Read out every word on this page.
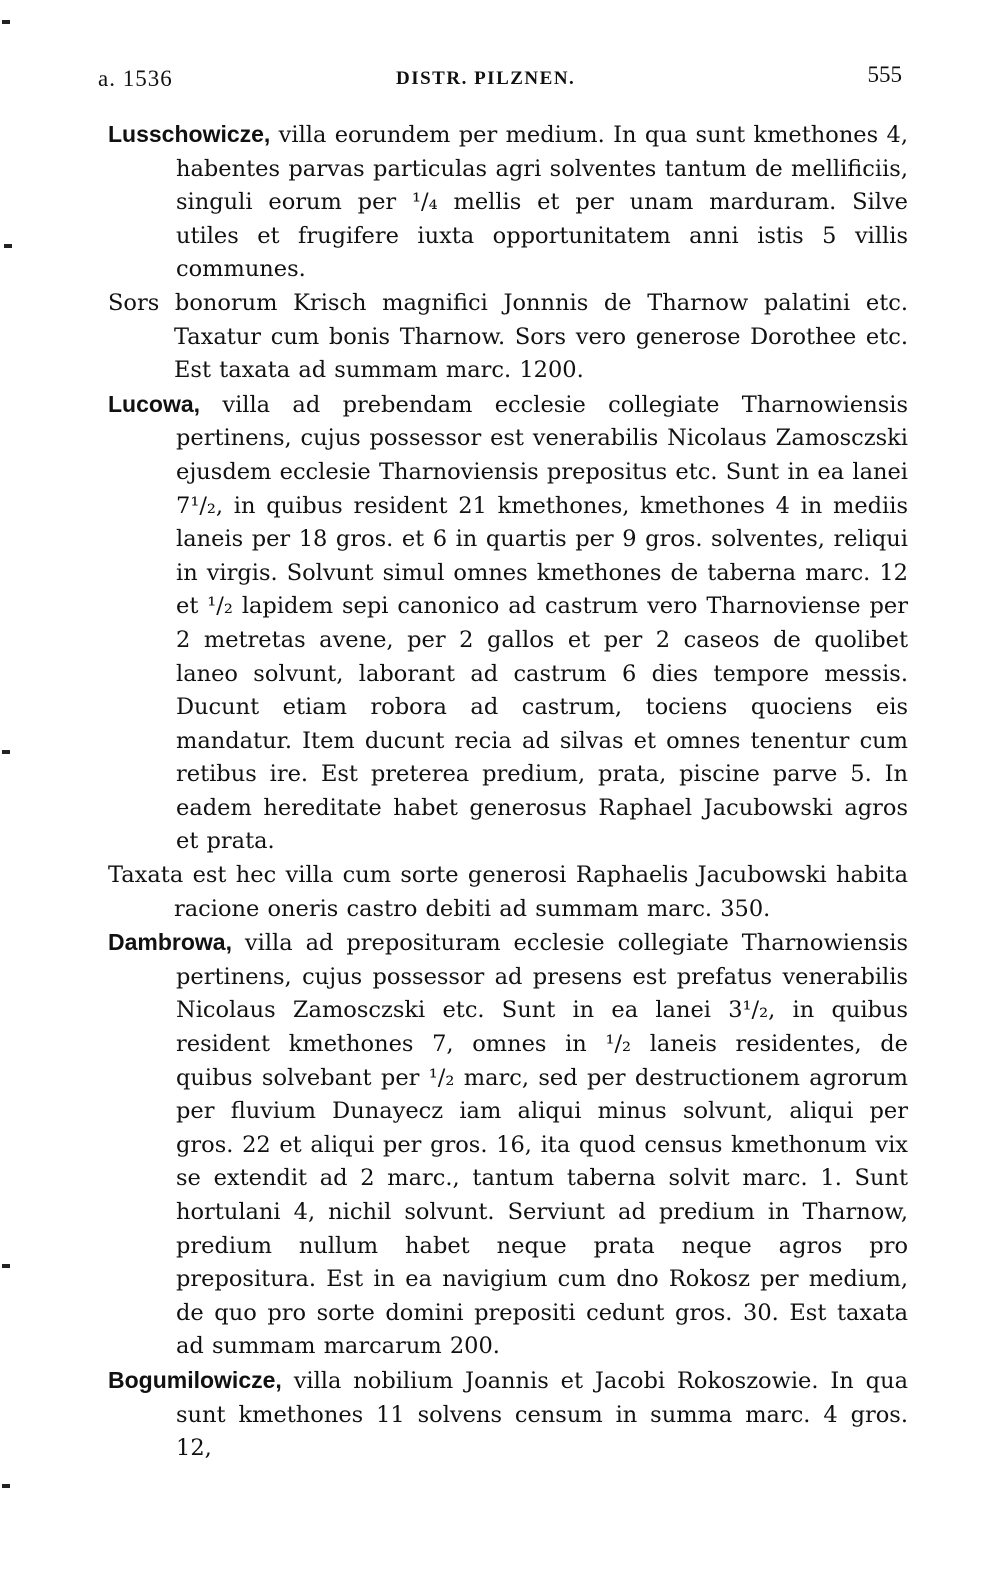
a. 1536	DISTR. PILZNEN.	555

Lusschowicze, villa eorundem per medium. In qua sunt kmethones 4, habentes parvas particulas agri solventes tantum de mellificiis, singuli eorum per ¹/₄ mellis et per unam marduram. Silve utiles et frugifere iuxta opportunitatem anni istis 5 villis communes.

Sors bonorum Krisch magnifici Jonnnis de Tharnow palatini etc. Taxatur cum bonis Tharnow. Sors vero generose Dorothee etc. Est taxata ad summam marc. 1200.

Lucowa, villa ad prebendam ecclesie collegiate Tharnowiensis pertinens, cujus possessor est venerabilis Nicolaus Zamosczski ejusdem ecclesie Tharnoviensis prepositus etc. Sunt in ea lanei 7¹/₂, in quibus resident 21 kmethones, kmethones 4 in mediis laneis per 18 gros. et 6 in quartis per 9 gros. solventes, reliqui in virgis. Solvunt simul omnes kmethones de taberna marc. 12 et ¹/₂ lapidem sepi canonico ad castrum vero Tharnoviense per 2 metretas avene, per 2 gallos et per 2 caseos de quolibet laneo solvunt, laborant ad castrum 6 dies tempore messis. Ducunt etiam robora ad castrum, tociens quociens eis mandatur. Item ducunt recia ad silvas et omnes tenentur cum retibus ire. Est preterea predium, prata, piscine parve 5. In eadem hereditate habet generosus Raphael Jacubowski agros et prata.

Taxata est hec villa cum sorte generosi Raphaelis Jacubowski habita racione oneris castro debiti ad summam marc. 350.

Dambrowa, villa ad preposituram ecclesie collegiate Tharnowiensis pertinens, cujus possessor ad presens est prefatus venerabilis Nicolaus Zamosczski etc. Sunt in ea lanei 3¹/₂, in quibus resident kmethones 7, omnes in ¹/₂ laneis residentes, de quibus solvebant per ¹/₂ marc, sed per destructionem agrorum per fluvium Dunayecz iam aliqui minus solvunt, aliqui per gros. 22 et aliqui per gros. 16, ita quod census kmethonum vix se extendit ad 2 marc., tantum taberna solvit marc. 1. Sunt hortulani 4, nichil solvunt. Serviunt ad predium in Tharnow, predium nullum habet neque prata neque agros pro prepositura. Est in ea navigium cum dno Rokosz per medium, de quo pro sorte domini prepositi cedunt gros. 30. Est taxata ad summam marcarum 200.

Bogumilowicze, villa nobilium Joannis et Jacobi Rokoszowie. In qua sunt kmethones 11 solvens censum in summa marc. 4 gros. 12,
